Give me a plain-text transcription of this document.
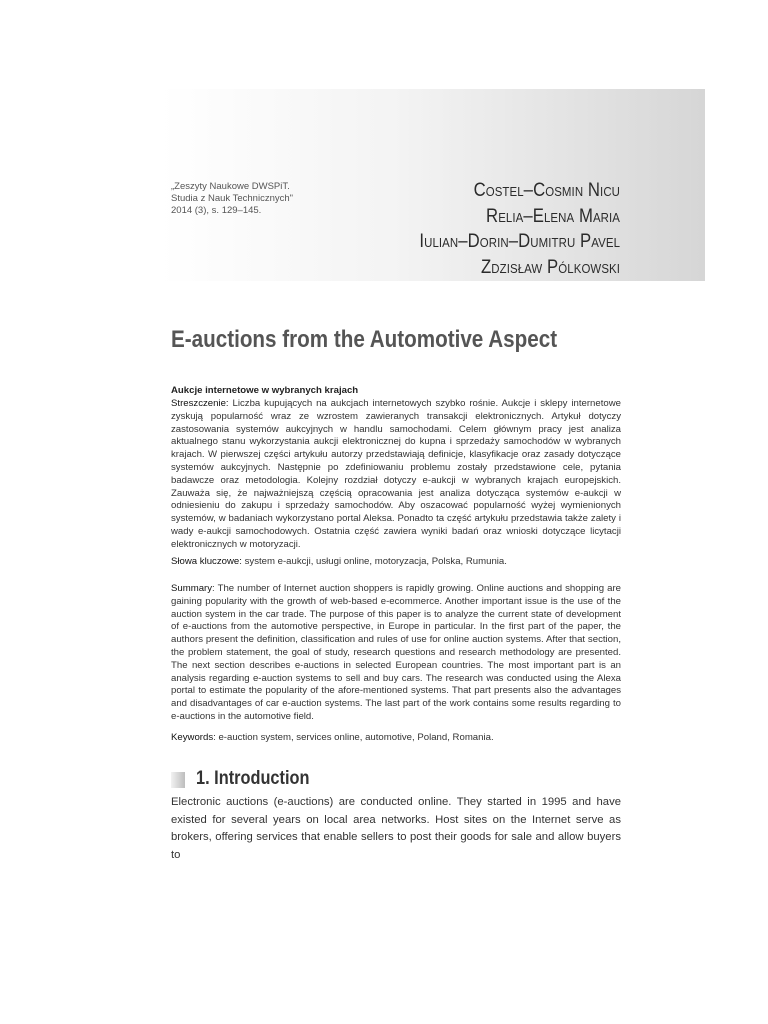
„Zeszyty Naukowe DWSPiT.
Studia z Nauk Technicznych"
2014 (3), s. 129–145.
Costel–Cosmin Nicu
Relia–Elena Maria
Iulian–Dorin–Dumitru Pavel
Zdzisław Pólkowski
E-auctions from the Automotive Aspect
Aukcje internetowe w wybranych krajach
Streszczenie: Liczba kupujących na aukcjach internetowych szybko rośnie. Aukcje i sklepy internetowe zyskują popularność wraz ze wzrostem zawieranych transakcji elektronicznych. Artykuł dotyczy zastosowania systemów aukcyjnych w handlu samochodami. Celem głównym pracy jest analiza aktualnego stanu wykorzystania aukcji elektronicznej do kupna i sprzedaży samochodów w wybranych krajach. W pierwszej części artykułu autorzy przedstawiają definicje, klasyfikacje oraz zasady dotyczące systemów aukcyjnych. Następnie po zdefiniowaniu problemu zostały przedstawione cele, pytania badawcze oraz metodologia. Kolejny rozdział dotyczy e-aukcji w wybranych krajach europejskich. Zauważa się, że najważniejszą częścią opracowania jest analiza dotycząca systemów e-aukcji w odniesieniu do zakupu i sprzedaży samochodów. Aby oszacować popularność wyżej wymienionych systemów, w badaniach wykorzystano portal Aleksa. Ponadto ta część artykułu przedstawia także zalety i wady e-aukcji samochodowych. Ostatnia część zawiera wyniki badań oraz wnioski dotyczące licytacji elektronicznych w motoryzacji.
Słowa kluczowe: system e-aukcji, usługi online, motoryzacja, Polska, Rumunia.
Summary: The number of Internet auction shoppers is rapidly growing. Online auctions and shopping are gaining popularity with the growth of web-based e-ecommerce. Another important issue is the use of the auction system in the car trade. The purpose of this paper is to analyze the current state of development of e-auctions from the automotive perspective, in Europe in particular. In the first part of the paper, the authors present the definition, classification and rules of use for online auction systems. After that section, the problem statement, the goal of study, research questions and research methodology are presented. The next section describes e-auctions in selected European countries. The most important part is an analysis regarding e-auction systems to sell and buy cars. The research was conducted using the Alexa portal to estimate the popularity of the afore-mentioned systems. That part presents also the advantages and disadvantages of car e-auction systems. The last part of the work contains some results regarding to e-auctions in the automotive field.
Keywords: e-auction system, services online, automotive, Poland, Romania.
1. Introduction
Electronic auctions (e-auctions) are conducted online. They started in 1995 and have existed for several years on local area networks. Host sites on the Internet serve as brokers, offering services that enable sellers to post their goods for sale and allow buyers to
